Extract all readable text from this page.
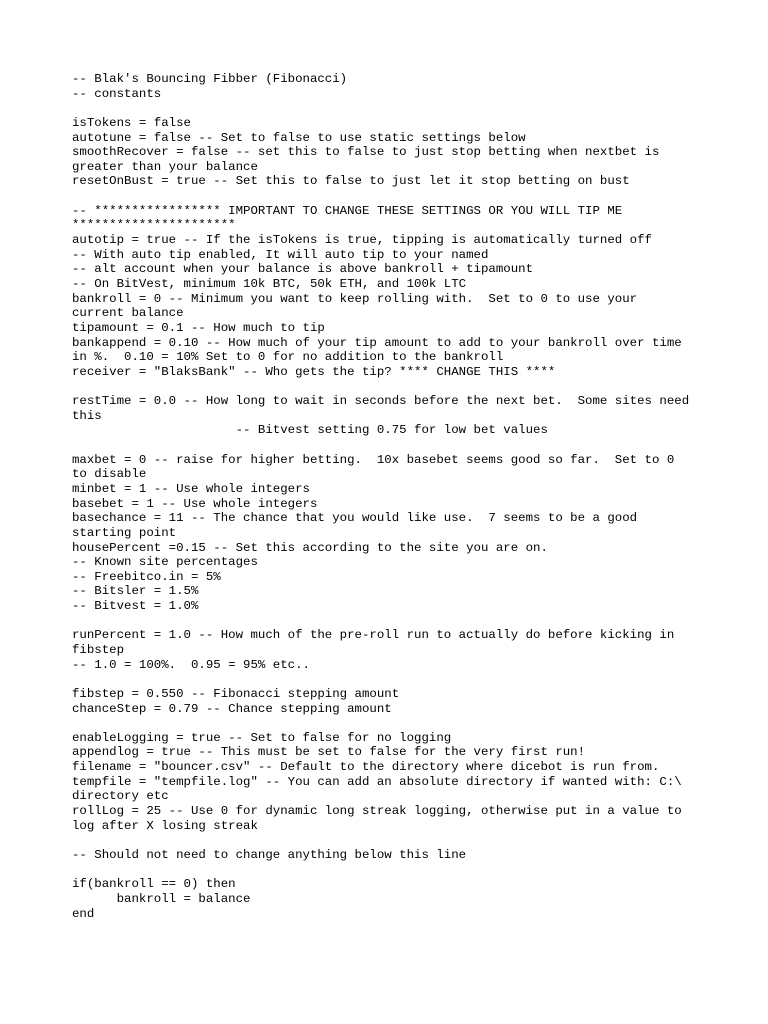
-- Blak's Bouncing Fibber (Fibonacci)
-- constants
isTokens = false
autotune = false -- Set to false to use static settings below
smoothRecover = false -- set this to false to just stop betting when nextbet is
greater than your balance
resetOnBust = true -- Set this to false to just let it stop betting on bust
-- ***************** IMPORTANT TO CHANGE THESE SETTINGS OR YOU WILL TIP ME
**********************
autotip = true -- If the isTokens is true, tipping is automatically turned off
-- With auto tip enabled, It will auto tip to your named
-- alt account when your balance is above bankroll + tipamount
-- On BitVest, minimum 10k BTC, 50k ETH, and 100k LTC
bankroll = 0 -- Minimum you want to keep rolling with.  Set to 0 to use your
current balance
tipamount = 0.1 -- How much to tip
bankappend = 0.10 -- How much of your tip amount to add to your bankroll over time
in %.  0.10 = 10% Set to 0 for no addition to the bankroll
receiver = "BlaksBank" -- Who gets the tip? **** CHANGE THIS ****
restTime = 0.0 -- How long to wait in seconds before the next bet.  Some sites need
this
-- Bitvest setting 0.75 for low bet values
maxbet = 0 -- raise for higher betting.  10x basebet seems good so far.  Set to 0
to disable
minbet = 1 -- Use whole integers
basebet = 1 -- Use whole integers
basechance = 11 -- The chance that you would like use.  7 seems to be a good
starting point
housePercent =0.15 -- Set this according to the site you are on.
-- Known site percentages
-- Freebitco.in = 5%
-- Bitsler = 1.5%
-- Bitvest = 1.0%
runPercent = 1.0 -- How much of the pre-roll run to actually do before kicking in
fibstep
-- 1.0 = 100%.  0.95 = 95% etc..
fibstep = 0.550 -- Fibonacci stepping amount
chanceStep = 0.79 -- Chance stepping amount
enableLogging = true -- Set to false for no logging
appendlog = true -- This must be set to false for the very first run!
filename = "bouncer.csv" -- Default to the directory where dicebot is run from.
tempfile = "tempfile.log" -- You can add an absolute directory if wanted with: C:\
directory etc
rollLog = 25 -- Use 0 for dynamic long streak logging, otherwise put in a value to
log after X losing streak
-- Should not need to change anything below this line
if(bankroll == 0) then
bankroll = balance
end
